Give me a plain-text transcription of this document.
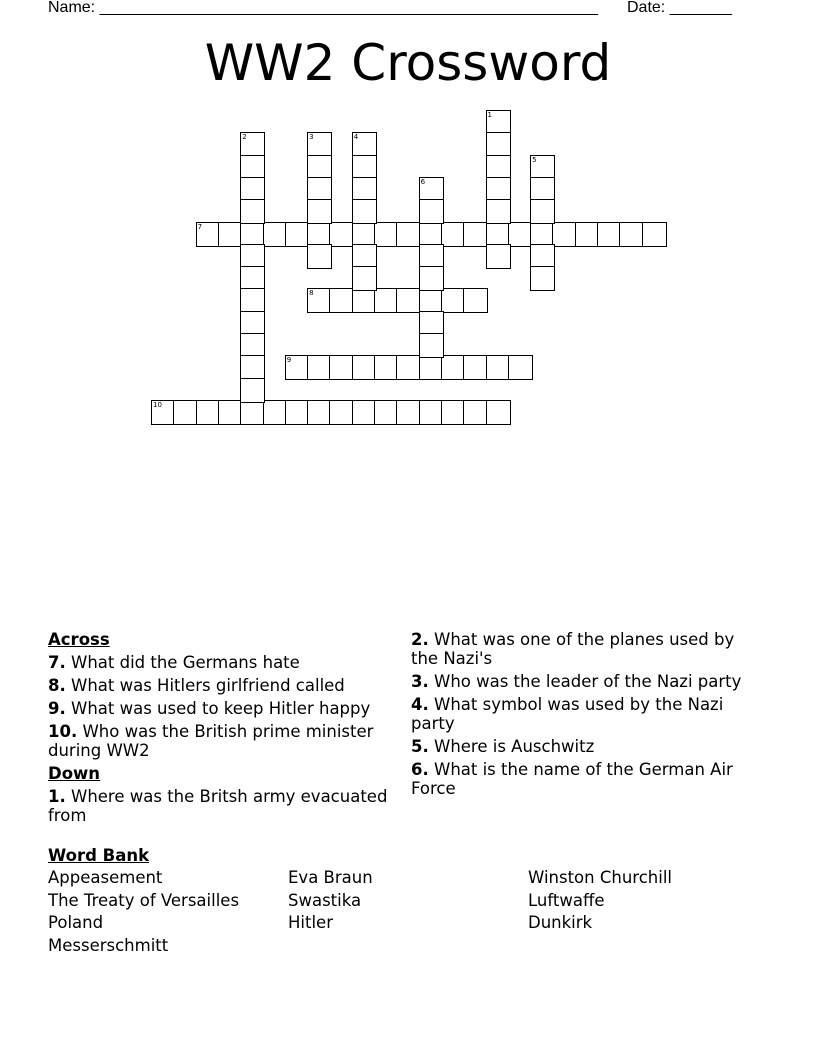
Name: ________________________________________________________ Date: _______
WW2 Crossword
7
8
9
10
1
2	3	4
5
6
Across
7. What did the Germans hate
8. What was Hitlers girlfriend called
9. What was used to keep Hitler happy
10. Who was the British prime minister during WW2
Down
1. Where was the Britsh army evacuated from
2. What was one of the planes used by the Nazi's
3. Who was the leader of the Nazi party
4. What symbol was used by the Nazi party
5. Where is Auschwitz
6. What is the name of the German Air Force
Word Bank
Appeasement	Eva Braun	Winston Churchill
The Treaty of Versailles	Swastika	Luftwaffe
Poland	Hitler	Dunkirk
Messerschmitt
